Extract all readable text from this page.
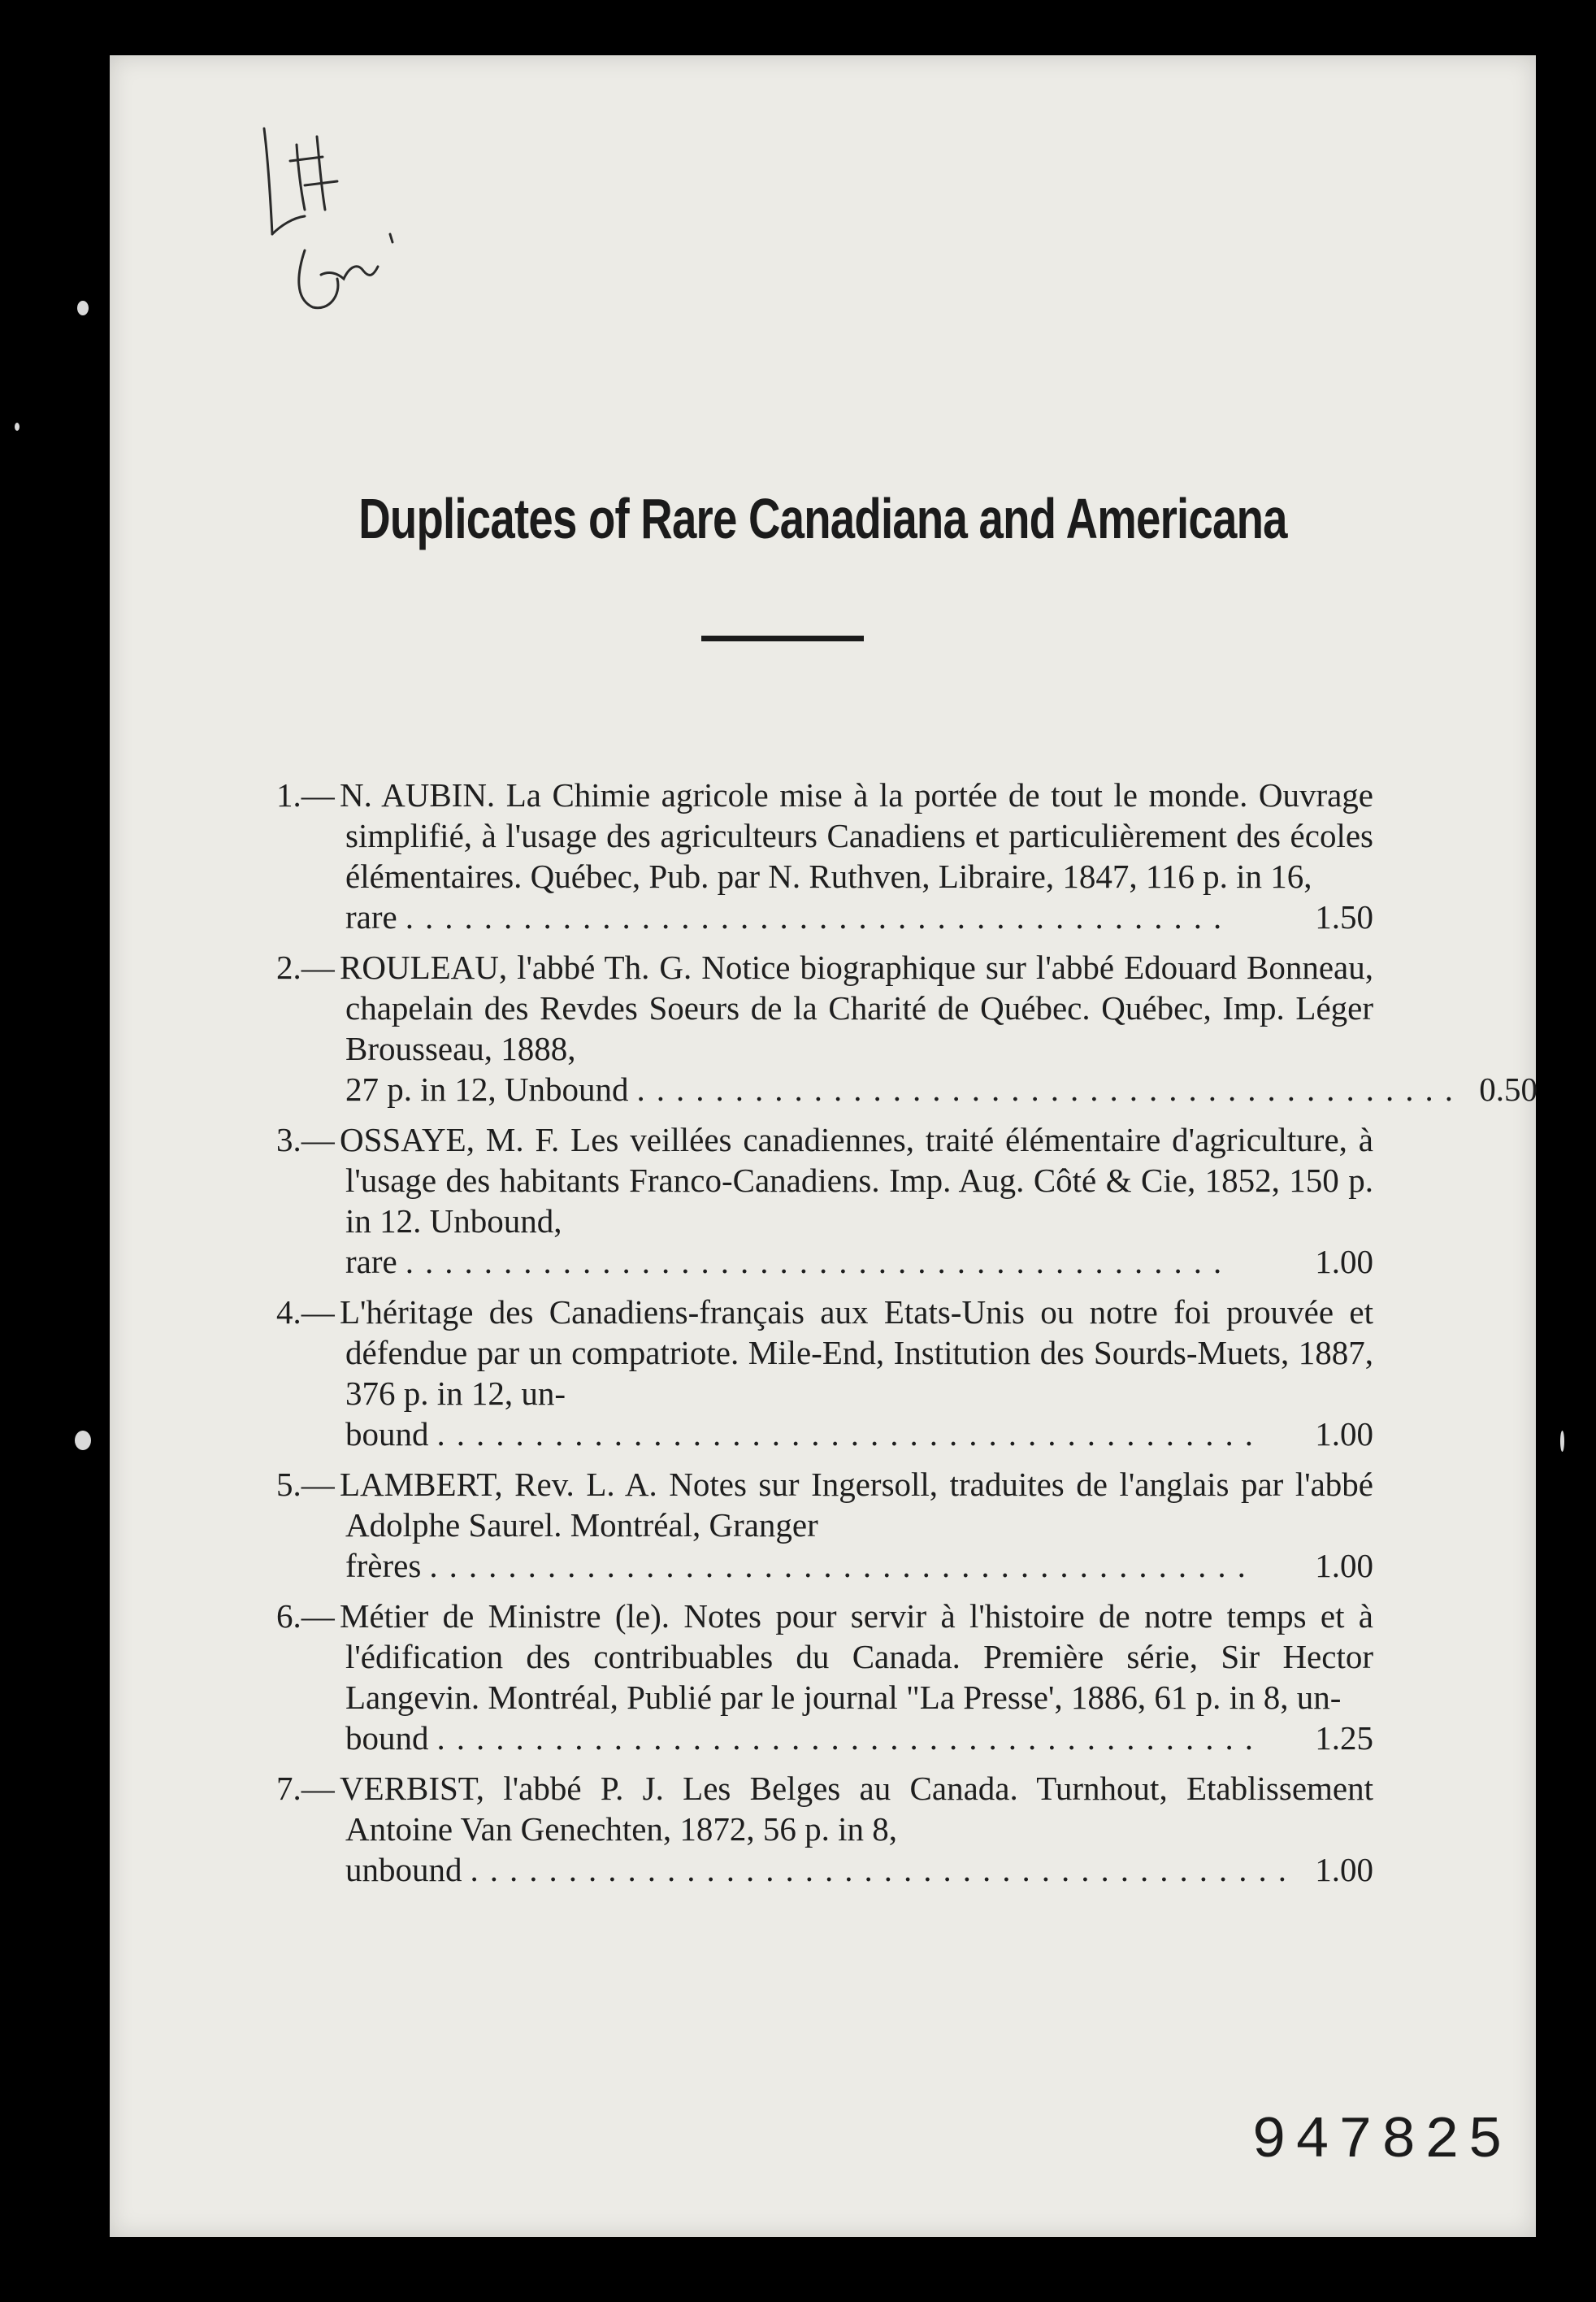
Duplicates of Rare Canadiana and Americana
1.— N. AUBIN. La Chimie agricole mise à la portée de tout le monde. Ouvrage simplifié, à l'usage des agriculteurs Canadiens et particulièrement des écoles élémentaires. Québec, Pub. par N. Ruthven, Libraire, 1847, 116 p. in 16,
rare ..........................................	1.50
2.— ROULEAU, l'abbé Th. G. Notice biographique sur l'abbé Edouard Bonneau, chapelain des Revdes Soeurs de la Charité de Québec. Québec, Imp. Léger Brousseau, 1888,
27 p. in 12, Unbound .......................................... 0.50
3.— OSSAYE, M. F. Les veillées canadiennes, traité élémentaire d'agriculture, à l'usage des habitants Franco-Canadiens. Imp. Aug. Côté & Cie, 1852, 150 p. in 12. Unbound,
rare ..........................................	1.00
4.— L'héritage des Canadiens-français aux Etats-Unis ou notre foi prouvée et défendue par un compatriote. Mile-End, Institution des Sourds-Muets, 1887, 376 p. in 12, un-
bound ..........................................	1.00
5.— LAMBERT, Rev. L. A. Notes sur Ingersoll, traduites de l'anglais par l'abbé Adolphe Saurel. Montréal, Granger
frères ..........................................	1.00
6.— Métier de Ministre (le). Notes pour servir à l'histoire de notre temps et à l'édification des contribuables du Canada. Première série, Sir Hector Langevin. Montréal, Publié par le journal "La Presse', 1886, 61 p. in 8, un-
bound ..........................................	1.25
7.— VERBIST, l'abbé P. J. Les Belges au Canada. Turnhout, Etablissement Antoine Van Genechten, 1872, 56 p. in 8,
unbound .......................................... 1.00
947825
